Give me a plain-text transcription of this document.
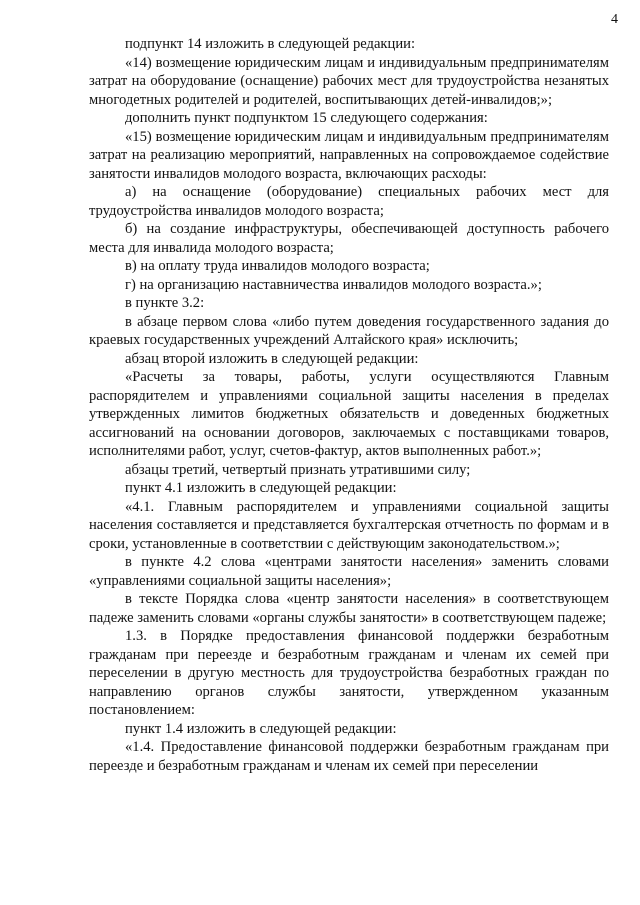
4

подпункт 14 изложить в следующей редакции:

«14) возмещение юридическим лицам и индивидуальным предпринимателям затрат на оборудование (оснащение) рабочих мест для трудоустройства незанятых многодетных родителей и родителей, воспитывающих детей-инвалидов;»;

дополнить пункт подпунктом 15 следующего содержания:

«15) возмещение юридическим лицам и индивидуальным предпринимателям затрат на реализацию мероприятий, направленных на сопровождаемое содействие занятости инвалидов молодого возраста, включающих расходы:

а) на оснащение (оборудование) специальных рабочих мест для трудоустройства инвалидов молодого возраста;

б) на создание инфраструктуры, обеспечивающей доступность рабочего места для инвалида молодого возраста;

в) на оплату труда инвалидов молодого возраста;

г) на организацию наставничества инвалидов молодого возраста.»;

в пункте 3.2:

в абзаце первом слова «либо путем доведения государственного задания до краевых государственных учреждений Алтайского края» исключить;

абзац второй изложить в следующей редакции:

«Расчеты за товары, работы, услуги осуществляются Главным распорядителем и управлениями социальной защиты населения в пределах утвержденных лимитов бюджетных обязательств и доведенных бюджетных ассигнований на основании договоров, заключаемых с поставщиками товаров, исполнителями работ, услуг, счетов-фактур, актов выполненных работ.»;

абзацы третий, четвертый признать утратившими силу;

пункт 4.1 изложить в следующей редакции:

«4.1. Главным распорядителем и управлениями социальной защиты населения составляется и представляется бухгалтерская отчетность по формам и в сроки, установленные в соответствии с действующим законодательством.»;

в пункте 4.2 слова «центрами занятости населения» заменить словами «управлениями социальной защиты населения»;

в тексте Порядка слова «центр занятости населения» в соответствующем падеже заменить словами «органы службы занятости» в соответствующем падеже;

1.3. в Порядке предоставления финансовой поддержки безработным гражданам при переезде и безработным гражданам и членам их семей при переселении в другую местность для трудоустройства безработных граждан по направлению органов службы занятости, утвержденном указанным постановлением:

пункт 1.4 изложить в следующей редакции:

«1.4. Предоставление финансовой поддержки безработным гражданам при переезде и безработным гражданам и членам их семей при переселении
